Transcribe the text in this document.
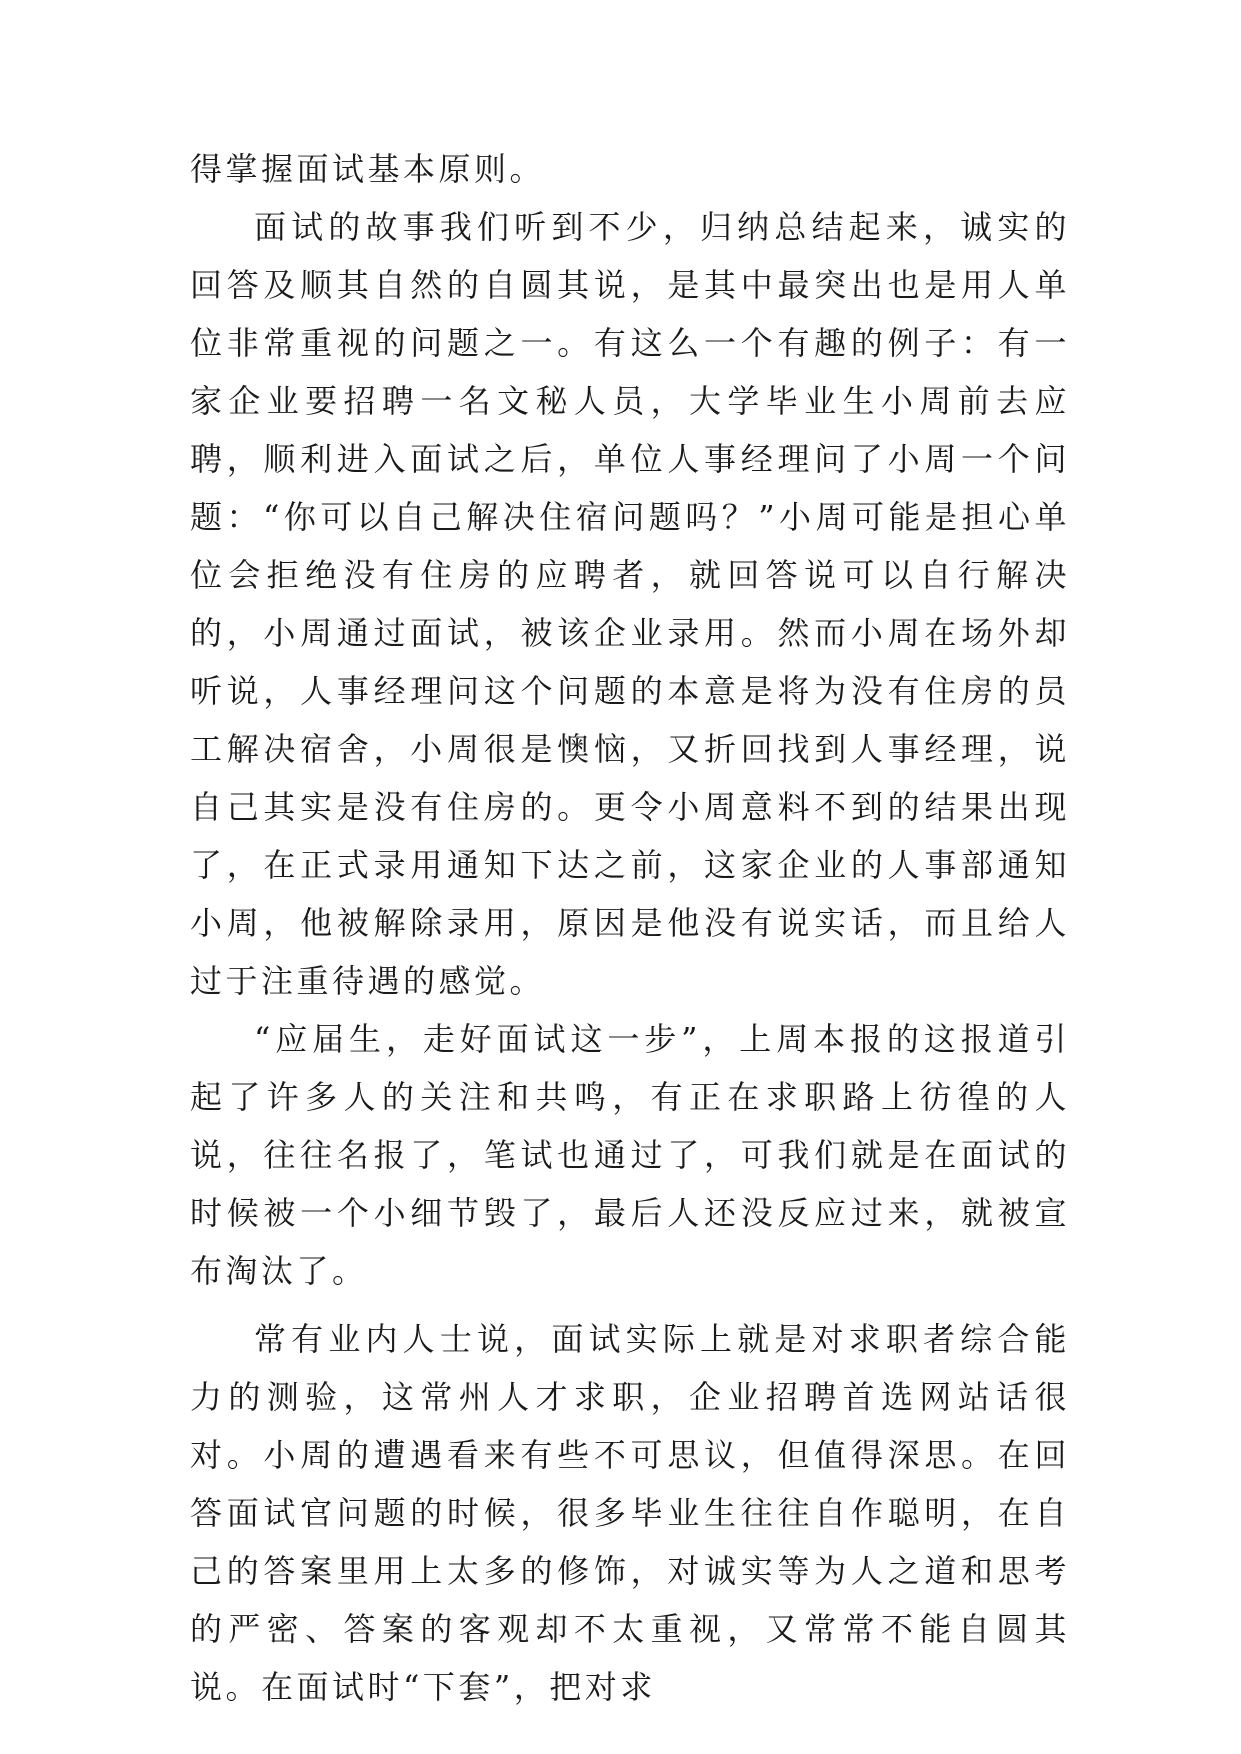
得掌握面试基本原则。

面试的故事我们听到不少，归纳总结起来，诚实的回答及顺其自然的自圆其说，是其中最突出也是用人单位非常重视的问题之一。有这么一个有趣的例子：有一家企业要招聘一名文秘人员，大学毕业生小周前去应聘，顺利进入面试之后，单位人事经理问了小周一个问题：“你可以自己解决住宿问题吗？”小周可能是担心单位会拒绝没有住房的应聘者，就回答说可以自行解决的，小周通过面试，被该企业录用。然而小周在场外却听说，人事经理问这个问题的本意是将为没有住房的员工解决宿舍，小周很是懊恼，又折回找到人事经理，说自己其实是没有住房的。更令小周意料不到的结果出现了，在正式录用通知下达之前，这家企业的人事部通知小周，他被解除录用，原因是他没有说实话，而且给人过于注重待遇的感觉。

“应届生，走好面试这一步”，上周本报的这报道引起了许多人的关注和共鸣，有正在求职路上彷徨的人说，往往名报了，笔试也通过了，可我们就是在面试的时候被一个小细节毁了，最后人还没反应过来，就被宣布淘汰了。

常有业内人士说，面试实际上就是对求职者综合能力的测验，这常州人才求职，企业招聘首选网站话很对。小周的遭遇看来有些不可思议，但值得深思。在回答面试官问题的时候，很多毕业生往往自作聪明，在自己的答案里用上太多的修饰，对诚实等为人之道和思考的严密、答案的客观却不太重视，又常常不能自圆其说。在面试时“下套”，把对求
